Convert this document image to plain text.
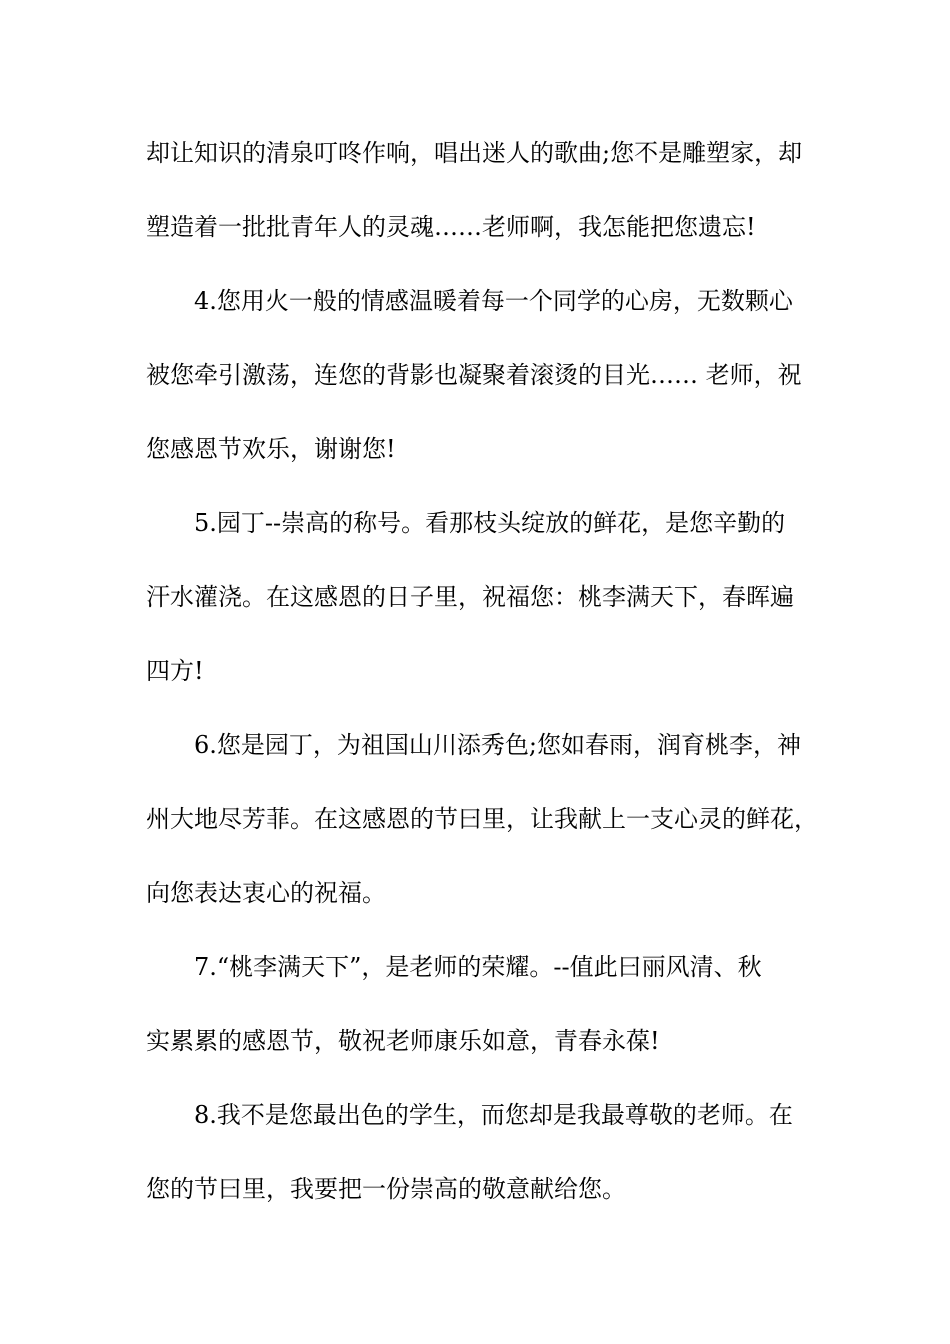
却让知识的清泉叮咚作响，唱出迷人的歌曲;您不是雕塑家，却
塑造着一批批青年人的灵魂……老师啊，我怎能把您遗忘!
4.您用火一般的情感温暖着每一个同学的心房，无数颗心
被您牵引激荡，连您的背影也凝聚着滚烫的目光…… 老师，祝
您感恩节欢乐，谢谢您!
5.园丁--崇高的称号。看那枝头绽放的鲜花，是您辛勤的
汗水灌浇。在这感恩的日子里，祝福您：桃李满天下，春晖遍
四方!
6.您是园丁，为祖国山川添秀色;您如春雨，润育桃李，神
州大地尽芳菲。在这感恩的节曰里，让我献上一支心灵的鲜花，
向您表达衷心的祝福。
7.“桃李满天下”，是老师的荣耀。--值此曰丽风清、秋
实累累的感恩节，敬祝老师康乐如意，青春永葆!
8.我不是您最出色的学生，而您却是我最尊敬的老师。在
您的节曰里，我要把一份崇高的敬意献给您。
